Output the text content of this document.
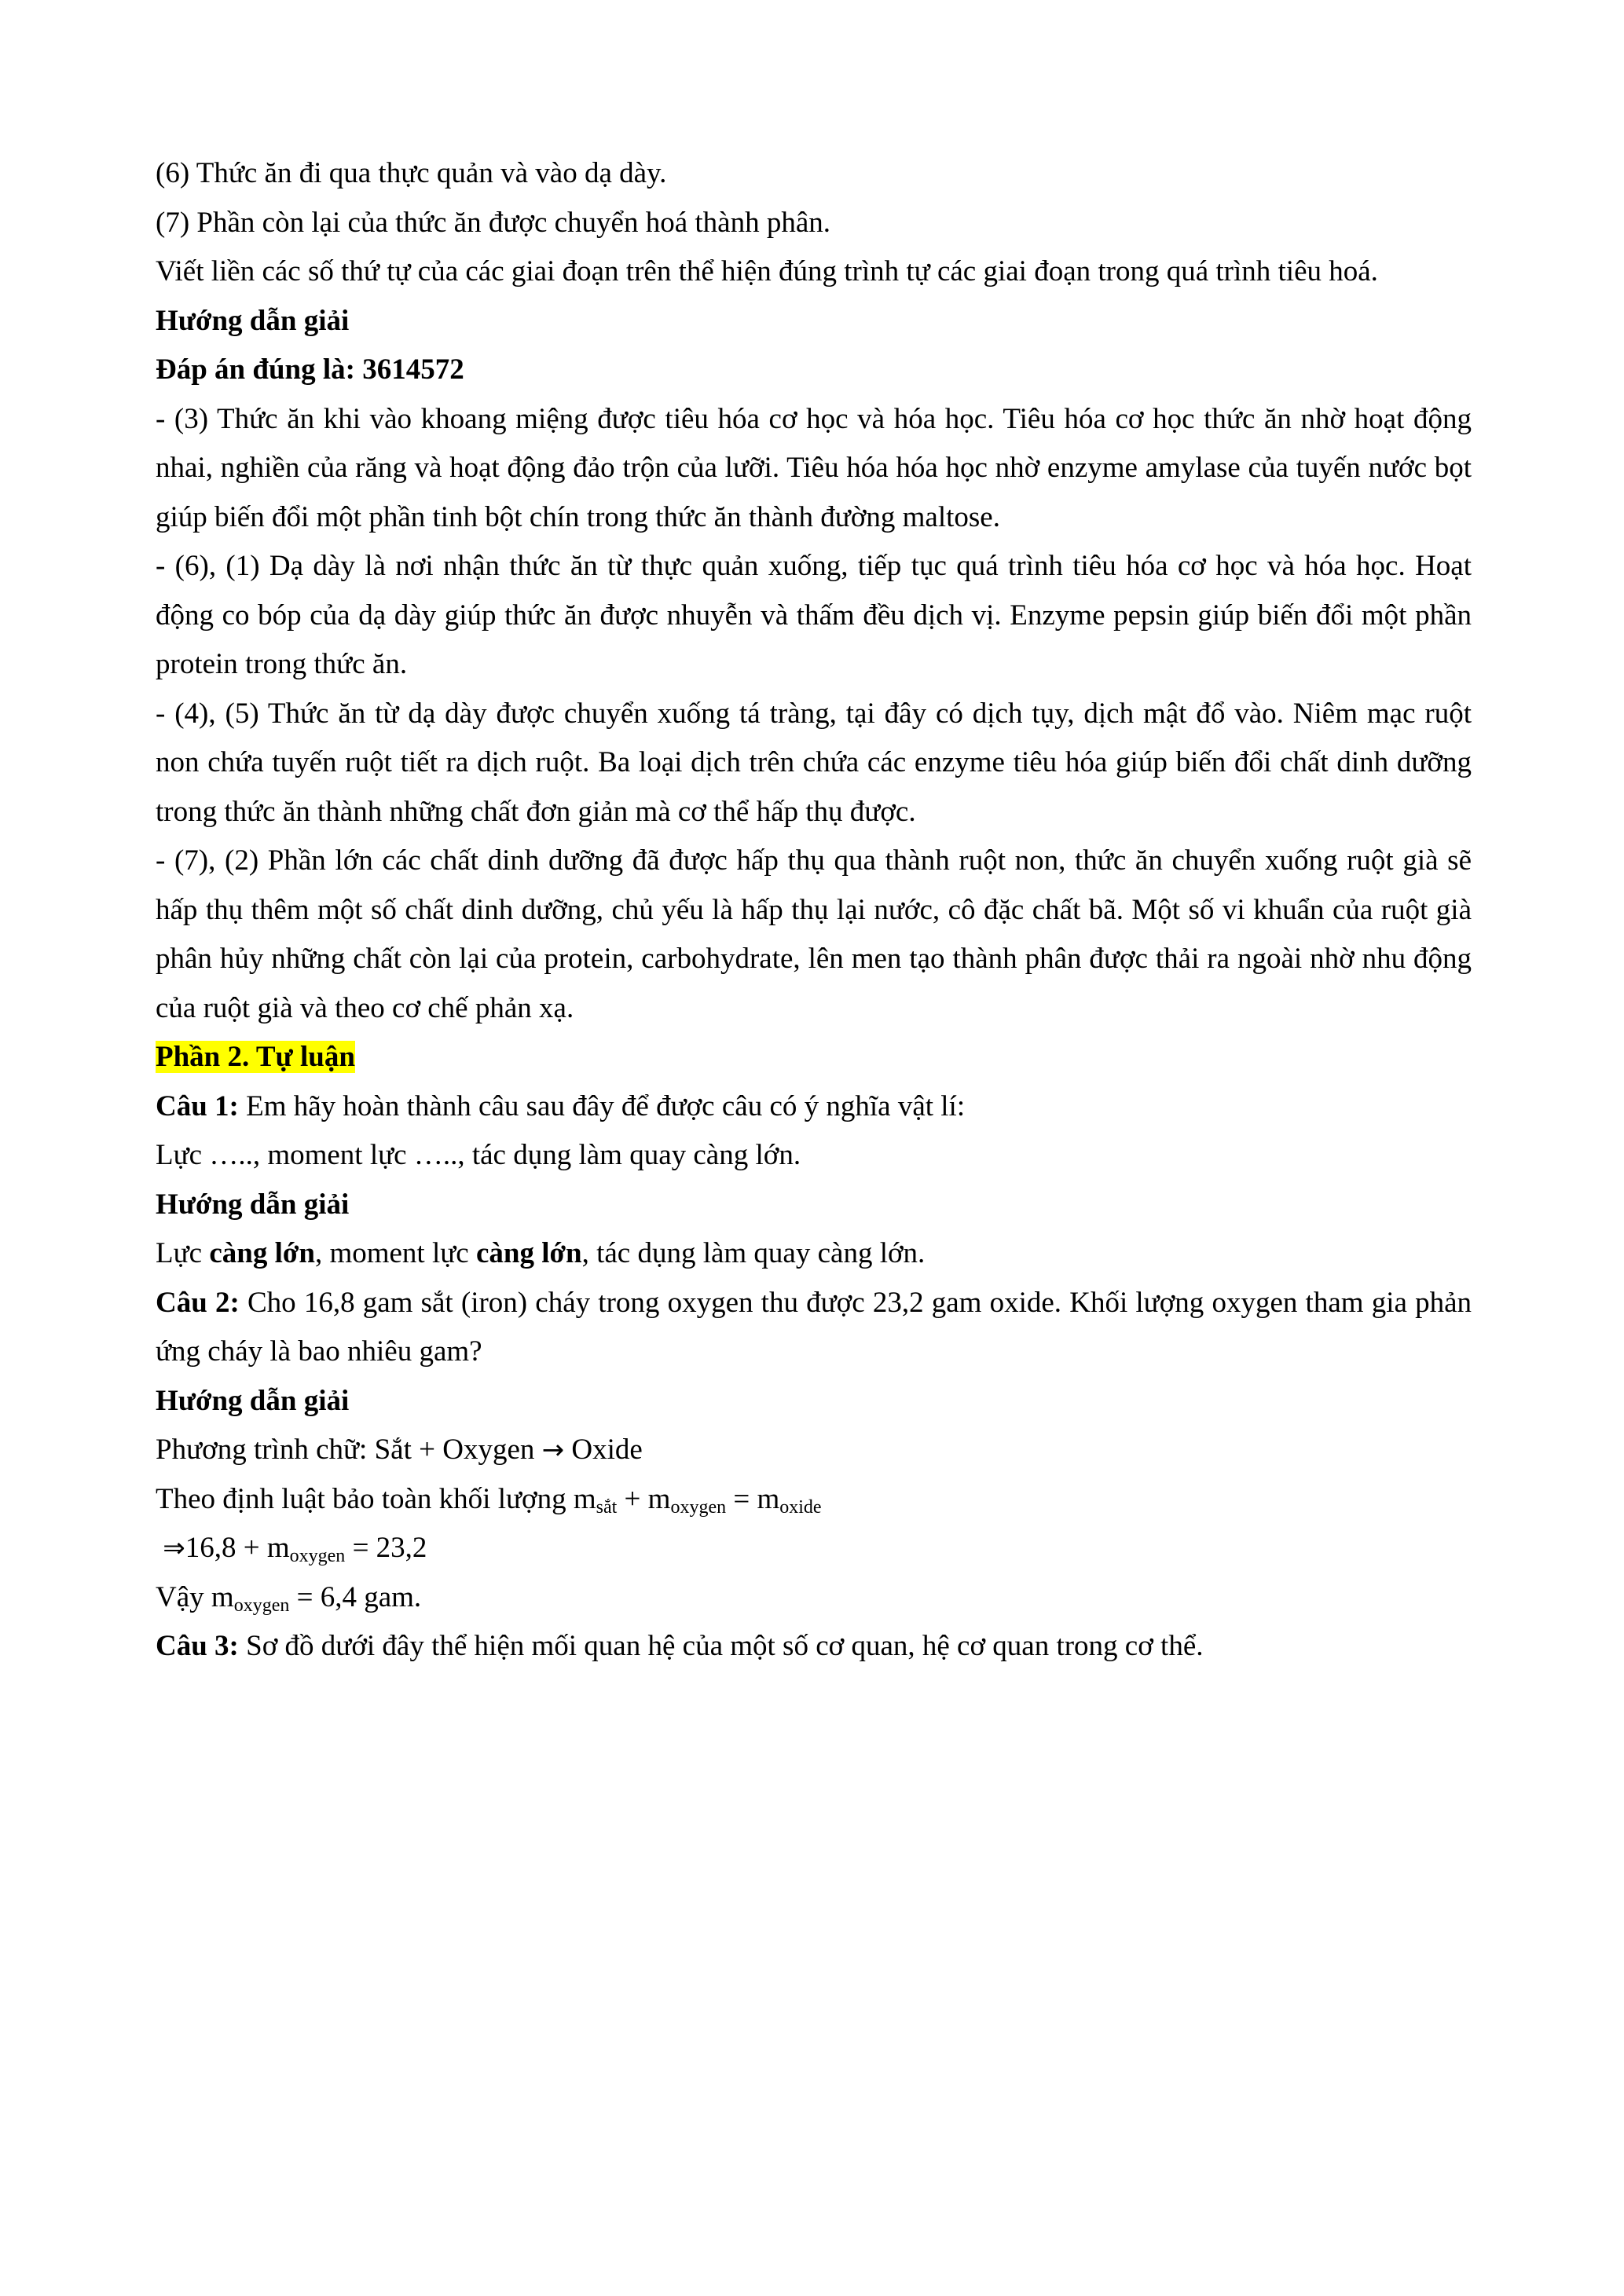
(6) Thức ăn đi qua thực quản và vào dạ dày.

(7) Phần còn lại của thức ăn được chuyển hoá thành phân.

Viết liền các số thứ tự của các giai đoạn trên thể hiện đúng trình tự các giai đoạn trong quá trình tiêu hoá.

Hướng dẫn giải

Đáp án đúng là: 3614572

- (3) Thức ăn khi vào khoang miệng được tiêu hóa cơ học và hóa học. Tiêu hóa cơ học thức ăn nhờ hoạt động nhai, nghiền của răng và hoạt động đảo trộn của lưỡi. Tiêu hóa hóa học nhờ enzyme amylase của tuyến nước bọt giúp biến đổi một phần tinh bột chín trong thức ăn thành đường maltose.

- (6), (1) Dạ dày là nơi nhận thức ăn từ thực quản xuống, tiếp tục quá trình tiêu hóa cơ học và hóa học. Hoạt động co bóp của dạ dày giúp thức ăn được nhuyễn và thấm đều dịch vị. Enzyme pepsin giúp biến đổi một phần protein trong thức ăn.

- (4), (5) Thức ăn từ dạ dày được chuyển xuống tá tràng, tại đây có dịch tụy, dịch mật đổ vào. Niêm mạc ruột non chứa tuyến ruột tiết ra dịch ruột. Ba loại dịch trên chứa các enzyme tiêu hóa giúp biến đổi chất dinh dưỡng trong thức ăn thành những chất đơn giản mà cơ thể hấp thụ được.

- (7), (2) Phần lớn các chất dinh dưỡng đã được hấp thụ qua thành ruột non, thức ăn chuyển xuống ruột già sẽ hấp thụ thêm một số chất dinh dưỡng, chủ yếu là hấp thụ lại nước, cô đặc chất bã. Một số vi khuẩn của ruột già phân hủy những chất còn lại của protein, carbohydrate, lên men tạo thành phân được thải ra ngoài nhờ nhu động của ruột già và theo cơ chế phản xạ.

Phần 2. Tự luận

Câu 1: Em hãy hoàn thành câu sau đây để được câu có ý nghĩa vật lí:

Lực ….., moment lực ….., tác dụng làm quay càng lớn.

Hướng dẫn giải

Lực càng lớn, moment lực càng lớn, tác dụng làm quay càng lớn.

Câu 2: Cho 16,8 gam sắt (iron) cháy trong oxygen thu được 23,2 gam oxide. Khối lượng oxygen tham gia phản ứng cháy là bao nhiêu gam?

Hướng dẫn giải

Phương trình chữ: Sắt + Oxygen → Oxide

Theo định luật bảo toàn khối lượng $m_{sắt} + m_{oxygen} = m_{oxide}$

⇒16,8 + $m_{oxygen} = 23,2$

Vậy $m_{oxygen} = 6,4$ gam.

Câu 3: Sơ đồ dưới đây thể hiện mối quan hệ của một số cơ quan, hệ cơ quan trong cơ thể.
